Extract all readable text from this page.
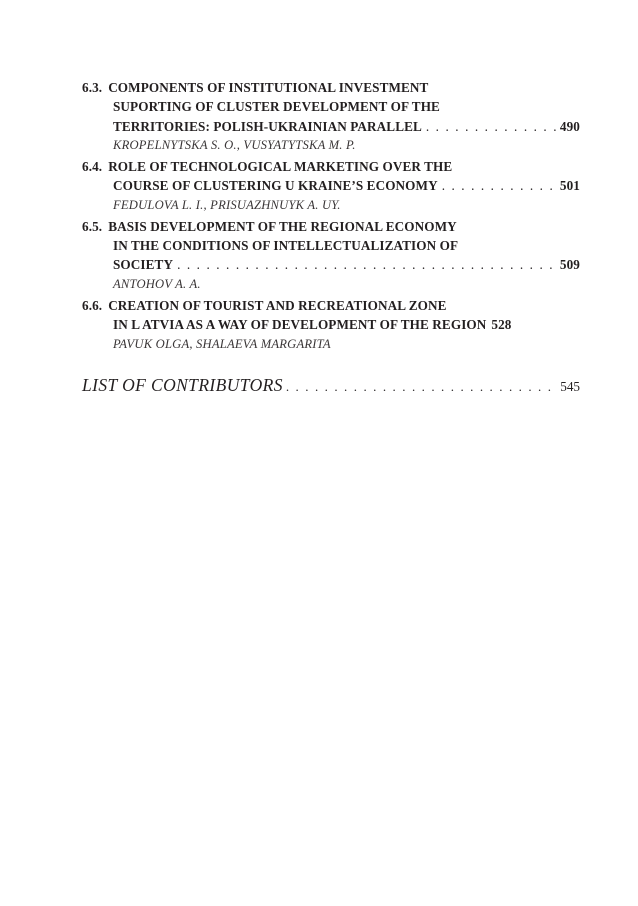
6.3. COMPONENTS OF INSTITUTIONAL INVESTMENT
SUPORTING OF CLUSTER DEVELOPMENT OF THE
TERRITORIES: POLISH-UKRAINIAN PARALLEL . . .	490
KROPELNYTSKA S. O., VUSYATYTSKA M. P.
6.4. ROLE OF TECHNOLOGICAL MARKETING OVER THE
COURSE OF CLUSTERING U KRAINE’S ECONOMY . . .	501
FEDULOVA L. I., PRISUAZHNUYK A. UY.
6.5. BASIS DEVELOPMENT OF THE REGIONAL ECONOMY
IN THE CONDITIONS OF INTELLECTUALIZATION OF
SOCIETY . . .	509
ANTOHOV A. A.
6.6. CREATION OF TOURIST AND RECREATIONAL ZONE
IN L ATVIA AS A WAY OF DEVELOPMENT OF THE REGION 528
PAVUK OLGA, SHALAEVA MARGARITA
LIST OF CONTRIBUTORS . . .	545
